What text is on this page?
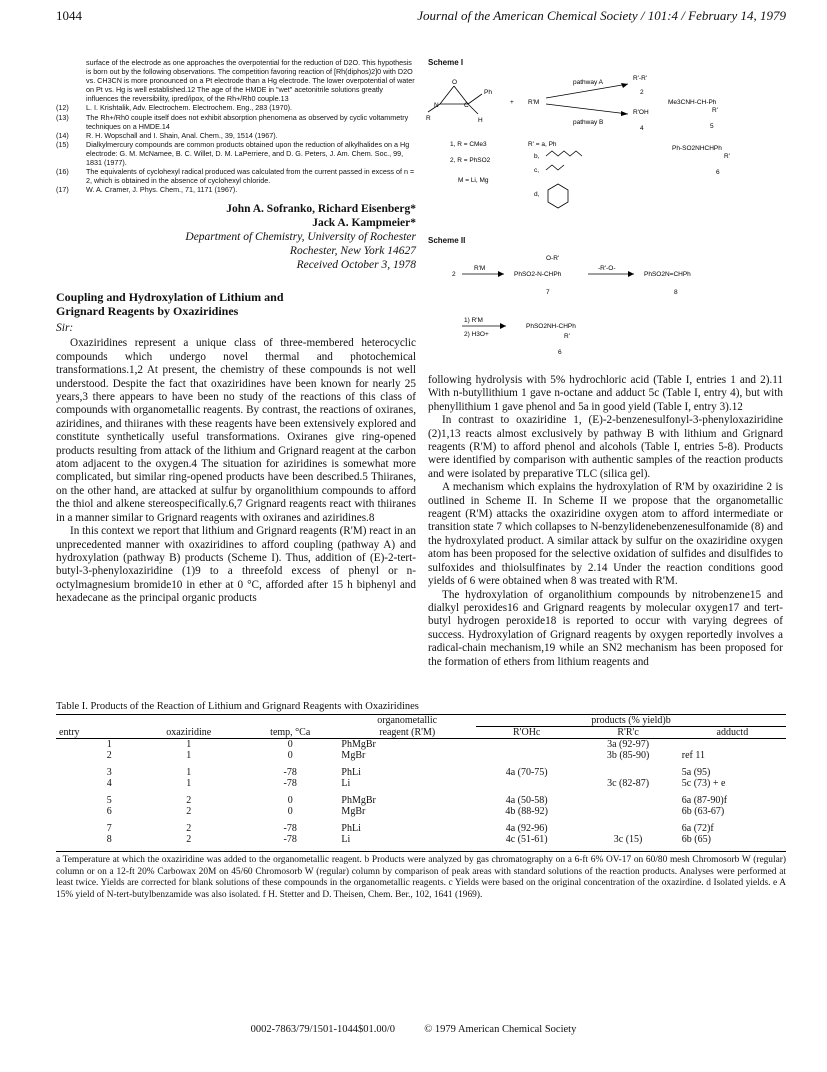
1044	Journal of the American Chemical Society / 101:4 / February 14, 1979

surface of the electrode as one approaches the overpotential for the reduction of D2O. This hypothesis is born out by the following observations. The competition favoring reaction of [Rh(diphos)2]0 with D2O vs. CH3CN is more pronounced on a Pt electrode than a Hg electrode. The lower overpotential of water on Pt vs. Hg is well established.12 The age of the HMDE in "wet" acetonitrile solutions greatly influences the reversibility, ipred/ipox, of the Rh+/Rh0 couple.13

(12) L. I. Krishtalik, Adv. Electrochem. Electrochem. Eng., 283 (1970).
(13) The Rh+/Rh0 couple itself does not exhibit absorption phenomena as observed by cyclic voltammetry techniques on a HMDE.14
(14) R. H. Wopschall and I. Shain, Anal. Chem., 39, 1514 (1967).
(15) Dialkylmercury compounds are common products obtained upon the reduction of alkylhalides on a Hg electrode: G. M. McNamee, B. C. Willet, D. M. LaPerriere, and D. G. Peters, J. Am. Chem. Soc., 99, 1831 (1977).
(16) The equivalents of cyclohexyl radical produced was calculated from the current passed in excess of n = 2, which is obtained in the absence of cyclohexyl chloride.
(17) W. A. Cramer, J. Phys. Chem., 71, 1171 (1967).
John A. Sofranko, Richard Eisenberg*
Jack A. Kampmeier*
Department of Chemistry, University of Rochester
Rochester, New York 14627
Received October 3, 1978
Coupling and Hydroxylation of Lithium and Grignard Reagents by Oxaziridines
Sir:

Oxaziridines represent a unique class of three-membered heterocyclic compounds which undergo novel thermal and photochemical transformations.1,2 At present, the chemistry of these compounds is not well understood. Despite the fact that oxaziridines have been known for nearly 25 years,3 there appears to have been no study of the reactions of this class of compounds with organometallic reagents. By contrast, the reactions of oxiranes, aziridines, and thiiranes with these reagents have been extensively explored and constitute synthetically useful transformations. Oxiranes give ring-opened products resulting from attack of the lithium and Grignard reagent at the carbon atom adjacent to the oxygen.4 The situation for aziridines is somewhat more complicated, but similar ring-opened products have been described.5 Thiiranes, on the other hand, are attacked at sulfur by organolithium compounds to afford the thiol and alkene stereospecifically.6,7 Grignard reagents react with thiiranes in a manner similar to Grignard reagents with oxiranes and aziridines.8

In this context we report that lithium and Grignard reagents (R'M) react in an unprecedented manner with oxaziridines to afford coupling (pathway A) and hydroxylation (pathway B) products (Scheme I). Thus, addition of (E)-2-tert-butyl-3-phenyloxaziridine (1)9 to a threefold excess of phenyl or n-octylmagnesium bromide10 in ether at 0 °C, afforded after 15 h biphenyl and hexadecane as the principal organic products

Scheme I
O
N	C
Ph
R	H
+ R'M
pathway A
pathway B
R'-R'
2
R'OH
4
Me3CNH-CH-Ph
R'
5
Ph-SO2NHCHPh
R'
6
1, R = CMe3
2, R = PhSO2
M = Li, Mg
R' = a, Ph
b,
c,
d,
Scheme II
2
R'M
O-R'
PhSO2-N-CHPh
-R'-O-
PhSO2N=CHPh
7	8
1) R'M
2) H3O+
PhSO2NH-CHPh
R'
6

following hydrolysis with 5% hydrochloric acid (Table I, entries 1 and 2).11 With n-butyllithium 1 gave n-octane and adduct 5c (Table I, entry 4), but with phenyllithium 1 gave phenol and 5a in good yield (Table I, entry 3).12

In contrast to oxaziridine 1, (E)-2-benzenesulfonyl-3-phenyloxaziridine (2)1,13 reacts almost exclusively by pathway B with lithium and Grignard reagents (R'M) to afford phenol and alcohols (Table I, entries 5-8). Products were identified by comparison with authentic samples of the reaction products and were isolated by preparative TLC (silica gel).

A mechanism which explains the hydroxylation of R'M by oxaziridine 2 is outlined in Scheme II. In Scheme II we propose that the organometallic reagent (R'M) attacks the oxaziridine oxygen atom to afford intermediate or transition state 7 which collapses to N-benzylidenebenzenesulfonamide (8) and the hydroxylated product. A similar attack by sulfur on the oxaziridine oxygen atom has been proposed for the selective oxidation of sulfides and disulfides to sulfoxides and thiolsulfinates by 2.14 Under the reaction conditions good yields of 6 were obtained when 8 was treated with R'M.

The hydroxylation of organolithium compounds by nitrobenzene15 and dialkyl peroxides16 and Grignard reagents by molecular oxygen17 and tert-butyl hydrogen peroxide18 is reported to occur with varying degrees of success. Hydroxylation of Grignard reagents by oxygen reportedly involves a radical-chain mechanism,19 while an SN2 mechanism has been proposed for the formation of ethers from lithium reagents and

Table I. Products of the Reaction of Lithium and Grignard Reagents with Oxaziridines
			organometallic	products (% yield)b		
entry	oxaziridine	temp, °Ca	reagent (R'M)	R'OHc	R'R'c	adductd
1	1	0	PhMgBr		3a (92-97)	
2	1	0	MgBr		3b (85-90)	ref 11
3	1	-78	PhLi	4a (70-75)		5a (95)
4	1	-78	Li		3c (82-87)	5c (73) + e
5	2	0	PhMgBr	4a (50-58)		6a (87-90)f
6	2	0	MgBr	4b (88-92)		6b (63-67)
7	2	-78	PhLi	4a (92-96)		6a (72)f
8	2	-78	Li	4c (51-61)	3c (15)	6b (65)
a Temperature at which the oxaziridine was added to the organometallic reagent. b Products were analyzed by gas chromatography on a 6-ft 6% OV-17 on 60/80 mesh Chromosorb W (regular) column or on a 12-ft 20% Carbowax 20M on 45/60 Chromosorb W (regular) column by comparison of peak areas with standard solutions of the reaction products. Analyses were performed at least twice. Yields are corrected for blank solutions of these compounds in the organometallic reagents. c Yields were based on the original concentration of the oxazirdine. d Isolated yields. e A 15% yield of N-tert-butylbenzamide was also isolated. f H. Stetter and D. Theisen, Chem. Ber., 102, 1641 (1969).
0002-7863/79/1501-1044$01.00/0	© 1979 American Chemical Society
